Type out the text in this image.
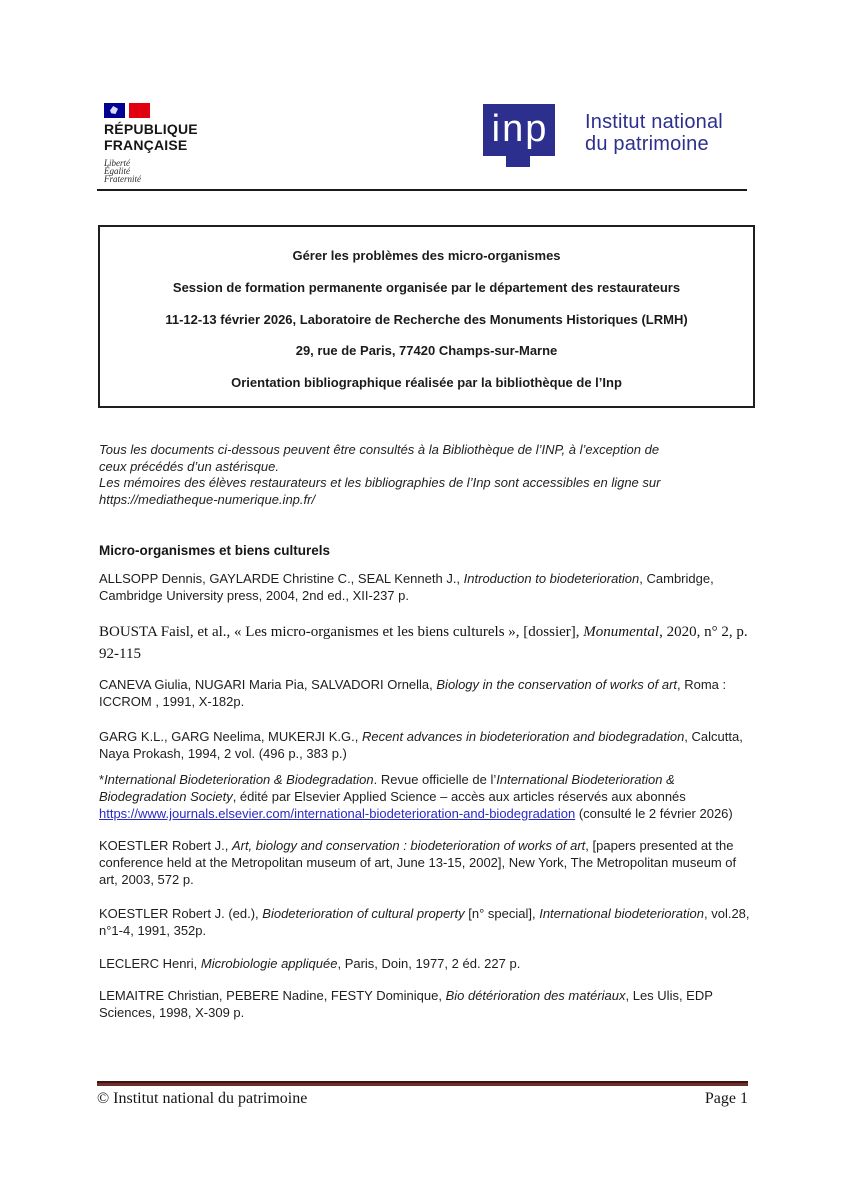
RÉPUBLIQUE
FRANÇAISE
Liberté
Égalité
Fraternité
inp Institut national
du patrimoine
Gérer les problèmes des micro-organismes
Session de formation permanente organisée par le département des restaurateurs
11-12-13 février 2026, Laboratoire de Recherche des Monuments Historiques (LRMH)
29, rue de Paris, 77420 Champs-sur-Marne
Orientation bibliographique réalisée par la bibliothèque de l’Inp
Tous les documents ci-dessous peuvent être consultés à la Bibliothèque de l’INP, à l’exception de
ceux précédés d’un astérisque.
Les mémoires des élèves restaurateurs et les bibliographies de l’Inp sont accessibles en ligne sur
https://mediatheque-numerique.inp.fr/
Micro-organismes et biens culturels

ALLSOPP Dennis, GAYLARDE Christine C., SEAL Kenneth J., Introduction to biodeterioration, Cambridge, Cambridge University press, 2004, 2nd ed., XII-237 p.

BOUSTA Faisl, et al., « Les micro-organismes et les biens culturels », [dossier], Monumental, 2020, n° 2, p. 92-115

CANEVA Giulia, NUGARI Maria Pia, SALVADORI Ornella, Biology in the conservation of works of art, Roma : ICCROM , 1991, X-182p.

GARG K.L., GARG Neelima, MUKERJI K.G., Recent advances in biodeterioration and biodegradation, Calcutta, Naya Prokash, 1994, 2 vol. (496 p., 383 p.)

*International Biodeterioration & Biodegradation. Revue officielle de l’International Biodeterioration & Biodegradation Society, édité par Elsevier Applied Science – accès aux articles réservés aux abonnés https://www.journals.elsevier.com/international-biodeterioration-and-biodegradation (consulté le 2 février 2026)

KOESTLER Robert J., Art, biology and conservation : biodeterioration of works of art, [papers presented at the conference held at the Metropolitan museum of art, June 13-15, 2002], New York, The Metropolitan museum of art, 2003, 572 p.

KOESTLER Robert J. (ed.), Biodeterioration of cultural property [n° special], International biodeterioration, vol.28, n°1-4, 1991, 352p.

LECLERC Henri, Microbiologie appliquée, Paris, Doin, 1977, 2 éd. 227 p.

LEMAITRE Christian, PEBERE Nadine, FESTY Dominique, Bio détérioration des matériaux, Les Ulis, EDP Sciences, 1998, X-309 p.

© Institut national du patrimoine	Page 1
